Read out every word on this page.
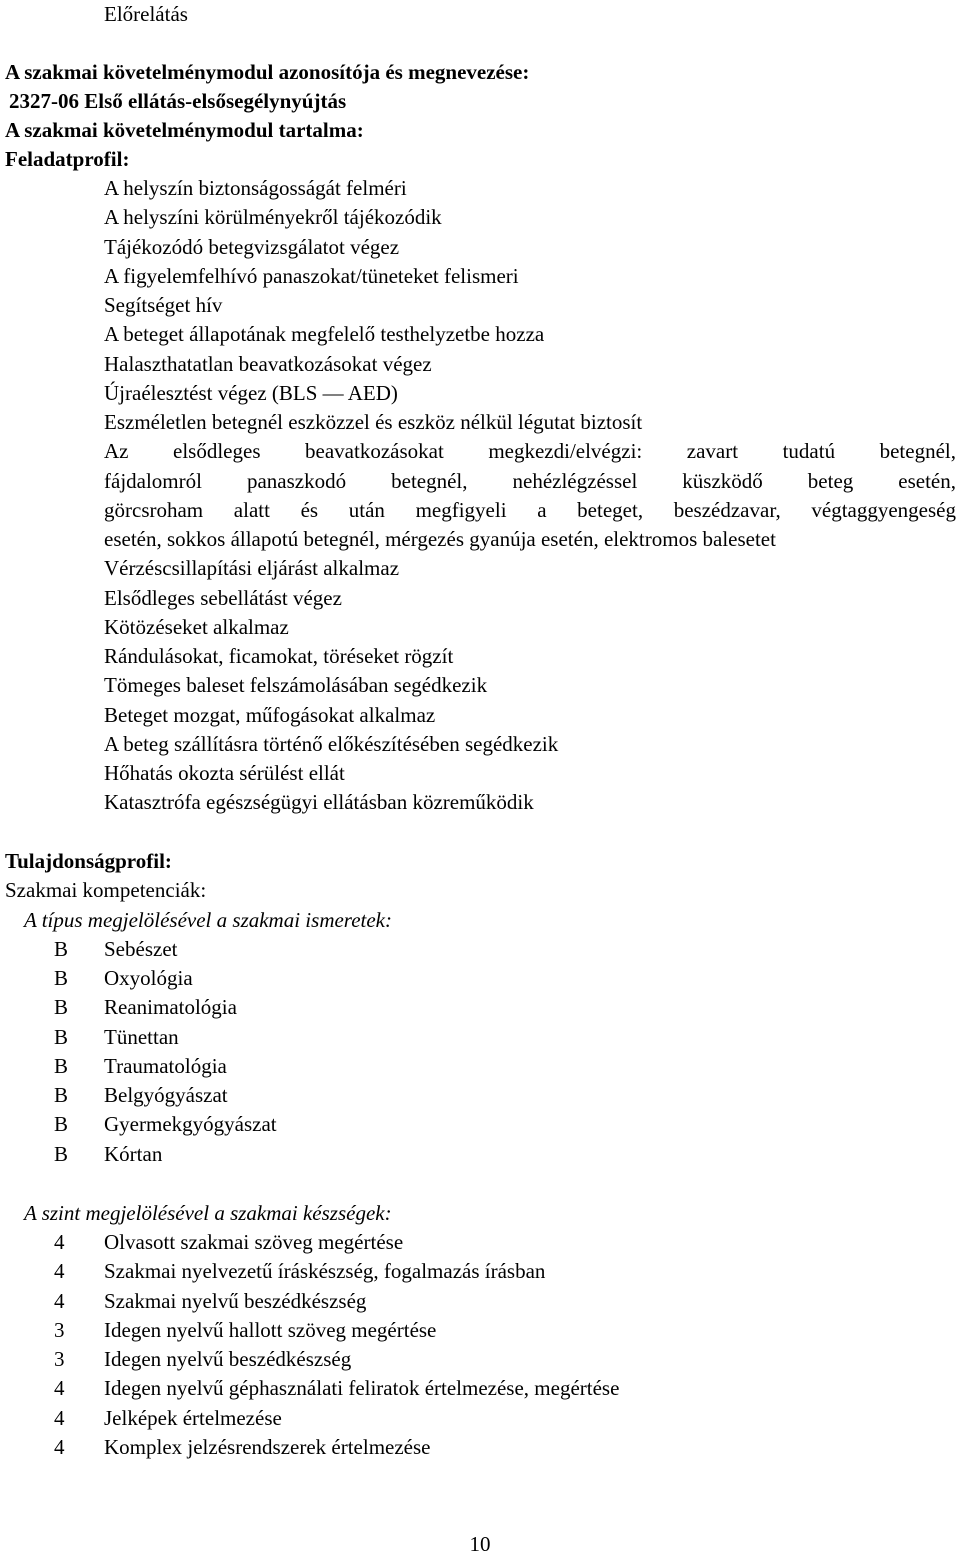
Előrelátás
A szakmai követelménymodul azonosítója és megnevezése:
2327-06 Első ellátás-elsősegélynyújtás
A szakmai követelménymodul tartalma:
Feladatprofil:
A helyszín biztonságosságát felméri
A helyszíni körülményekről tájékozódik
Tájékozódó betegvizsgálatot végez
A figyelemfelhívó panaszokat/tüneteket felismeri
Segítséget hív
A beteget állapotának megfelelő testhelyzetbe hozza
Halaszthatatlan beavatkozásokat végez
Újraélesztést végez (BLS — AED)
Eszméletlen betegnél eszközzel és eszköz nélkül légutat biztosít
Az elsődleges beavatkozásokat megkezdi/elvégzi: zavart tudatú betegnél,
fájdalomról panaszkodó betegnél, nehézlégzéssel küszködő beteg esetén,
görcsroham alatt és után megfigyeli a beteget, beszédzavar, végtaggyengeség
esetén, sokkos állapotú betegnél, mérgezés gyanúja esetén, elektromos balesetet
Vérzéscsillapítási eljárást alkalmaz
Elsődleges sebellátást végez
Kötözéseket alkalmaz
Rándulásokat, ficamokat, töréseket rögzít
Tömeges baleset felszámolásában segédkezik
Beteget mozgat, műfogásokat alkalmaz
A beteg szállításra történő előkészítésében segédkezik
Hőhatás okozta sérülést ellát
Katasztrófa egészségügyi ellátásban közreműködik
Tulajdonságprofil:
Szakmai kompetenciák:
A típus megjelölésével a szakmai ismeretek:
B Sebészet
B Oxyológia
B Reanimatológia
B Tünettan
B Traumatológia
B Belgyógyászat
B Gyermekgyógyászat
B Kórtan
A szint megjelölésével a szakmai készségek:
4 Olvasott szakmai szöveg megértése
4 Szakmai nyelvezetű íráskészség, fogalmazás írásban
4 Szakmai nyelvű beszédkészség
3 Idegen nyelvű hallott szöveg megértése
3 Idegen nyelvű beszédkészség
4 Idegen nyelvű géphasználati feliratok értelmezése, megértése
4 Jelképek értelmezése
4 Komplex jelzésrendszerek értelmezése
10
